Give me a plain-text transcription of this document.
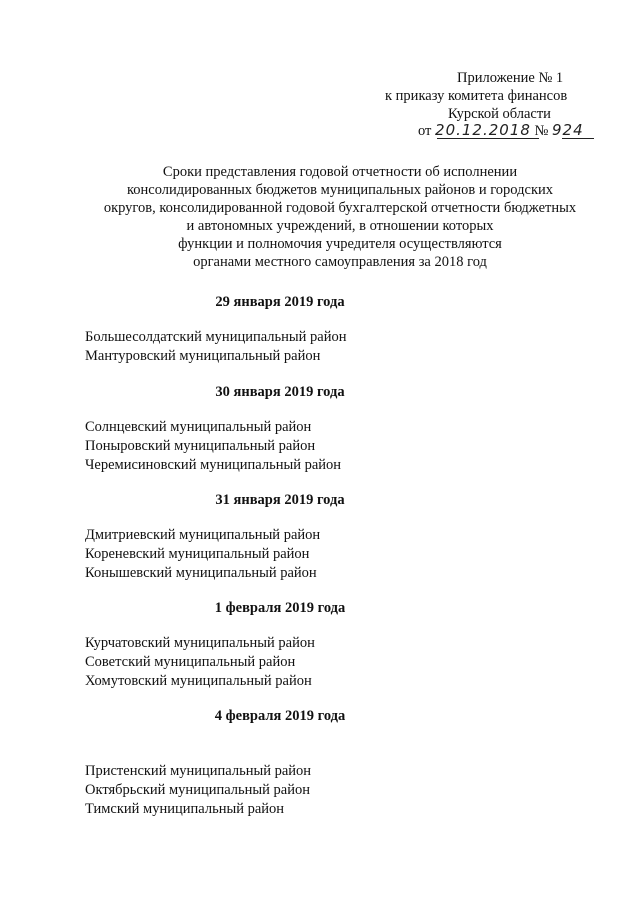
Приложение № 1
к приказу комитета финансов
Курской области
от 20.12.2018 № 924
Сроки представления годовой отчетности об исполнении
консолидированных бюджетов муниципальных районов и городских
округов, консолидированной годовой бухгалтерской отчетности бюджетных
и автономных учреждений, в отношении которых
функции и полномочия учредителя осуществляются
органами местного самоуправления за 2018 год
29 января 2019 года
Большесолдатский муниципальный район
Мантуровский муниципальный район
30 января 2019 года
Солнцевский муниципальный район
Поныровский муниципальный район
Черемисиновский муниципальный район
31 января 2019 года
Дмитриевский муниципальный район
Кореневский муниципальный район
Конышевский муниципальный район
1 февраля 2019 года
Курчатовский муниципальный район
Советский муниципальный район
Хомутовский муниципальный район
4 февраля 2019 года
Пристенский муниципальный район
Октябрьский муниципальный район
Тимский муниципальный район
